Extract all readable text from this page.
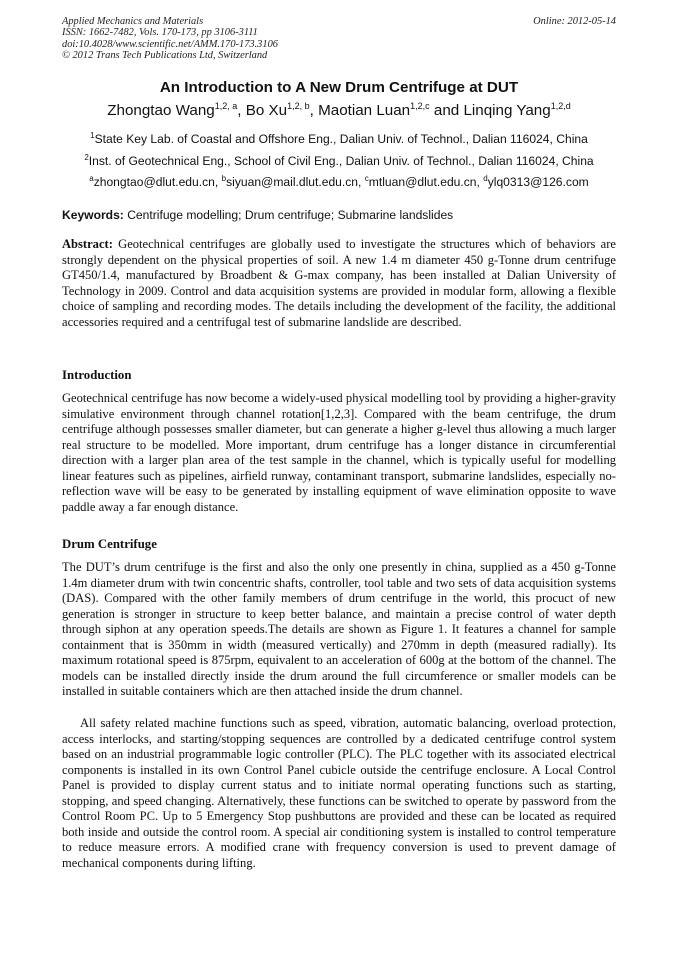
Applied Mechanics and Materials
ISSN: 1662-7482, Vols. 170-173, pp 3106-3111
doi:10.4028/www.scientific.net/AMM.170-173.3106
© 2012 Trans Tech Publications Ltd, Switzerland
Online: 2012-05-14
An Introduction to A New Drum Centrifuge at DUT
Zhongtao Wang$^{1,2, a}$, Bo Xu$^{1,2, b}$, Maotian Luan$^{1,2,c}$ and Linqing Yang$^{1,2,d}$
$^1$State Key Lab. of Coastal and Offshore Eng., Dalian Univ. of Technol., Dalian 116024, China
$^2$Inst. of Geotechnical Eng., School of Civil Eng., Dalian Univ. of Technol., Dalian 116024, China
$^a$zhongtao@dlut.edu.cn, $^b$siyuan@mail.dlut.edu.cn, $^c$mtluan@dlut.edu.cn, $^d$ylq0313@126.com
Keywords: Centrifuge modelling; Drum centrifuge; Submarine landslides
Abstract: Geotechnical centrifuges are globally used to investigate the structures which of behaviors are strongly dependent on the physical properties of soil. A new 1.4 m diameter 450 g-Tonne drum centrifuge GT450/1.4, manufactured by Broadbent & G-max company, has been installed at Dalian University of Technology in 2009. Control and data acquisition systems are provided in modular form, allowing a flexible choice of sampling and recording modes. The details including the development of the facility, the additional accessories required and a centrifugal test of submarine landslide are described.
Introduction
Geotechnical centrifuge has now become a widely-used physical modelling tool by providing a higher-gravity simulative environment through channel rotation[1,2,3]. Compared with the beam centrifuge, the drum centrifuge although possesses smaller diameter, but can generate a higher g-level thus allowing a much larger real structure to be modelled. More important, drum centrifuge has a longer distance in circumferential direction with a larger plan area of the test sample in the channel, which is typically useful for modelling linear features such as pipelines, airfield runway, contaminant transport, submarine landslides, especially no-reflection wave will be easy to be generated by installing equipment of wave elimination opposite to wave paddle away a far enough distance.
Drum Centrifuge
The DUT’s drum centrifuge is the first and also the only one presently in china, supplied as a 450 g-Tonne 1.4m diameter drum with twin concentric shafts, controller, tool table and two sets of data acquisition systems (DAS). Compared with the other family members of drum centrifuge in the world, this procuct of new generation is stronger in structure to keep better balance, and maintain a precise control of water depth through siphon at any operation speeds.The details are shown as Figure 1. It features a channel for sample containment that is 350mm in width (measured vertically) and 270mm in depth (measured radially). Its maximum rotational speed is 875rpm, equivalent to an acceleration of 600g at the bottom of the channel. The models can be installed directly inside the drum around the full circumference or smaller models can be installed in suitable containers which are then attached inside the drum channel.
All safety related machine functions such as speed, vibration, automatic balancing, overload protection, access interlocks, and starting/stopping sequences are controlled by a dedicated centrifuge control system based on an industrial programmable logic controller (PLC). The PLC together with its associated electrical components is installed in its own Control Panel cubicle outside the centrifuge enclosure. A Local Control Panel is provided to display current status and to initiate normal operating functions such as starting, stopping, and speed changing. Alternatively, these functions can be switched to operate by password from the Control Room PC. Up to 5 Emergency Stop pushbuttons are provided and these can be located as required both inside and outside the control room. A special air conditioning system is installed to control temperature to reduce measure errors. A modified crane with frequency conversion is used to prevent damage of mechanical components during lifting.
